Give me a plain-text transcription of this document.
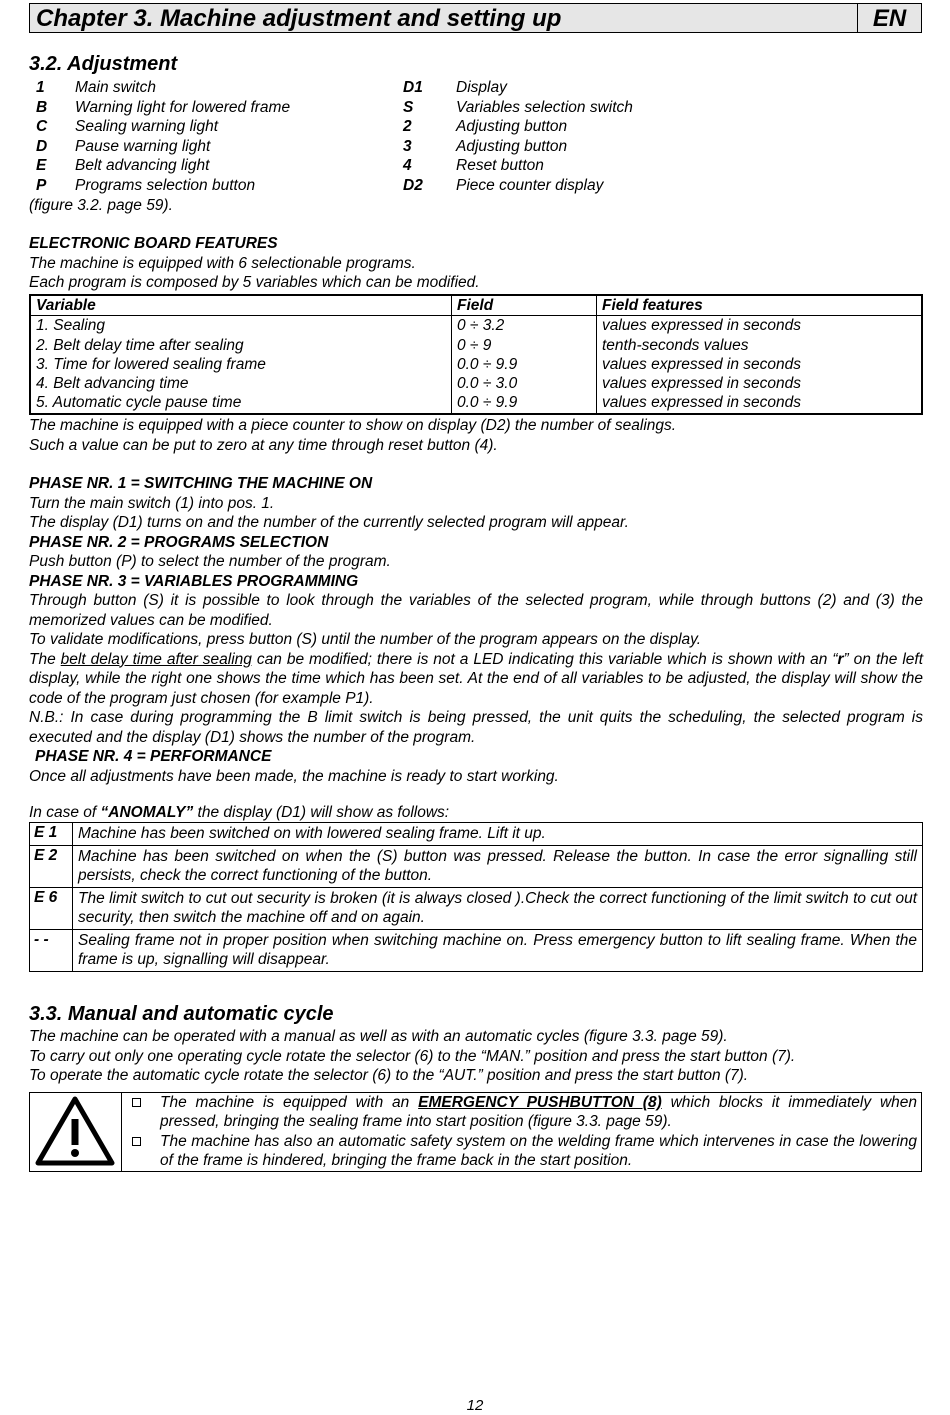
Chapter 3. Machine adjustment and setting up	EN
3.2. Adjustment
1 Main switch	D1 Display
B Warning light for lowered frame	S	Variables selection switch
C Sealing warning light	2	Adjusting button
D Pause warning light	3	Adjusting button
E Belt advancing light	4	Reset button
P Programs selection button	D2 Piece counter display
(figure 3.2. page 59).
ELECTRONIC BOARD FEATURES
The machine is equipped with 6 selectionable programs.
Each program is composed by 5 variables which can be modified.
Variable	Field	Field features
1. Sealing	0 ÷ 3.2	values expressed in seconds
2. Belt delay time after sealing	0 ÷ 9	tenth-seconds values
3. Time for lowered sealing frame	0.0 ÷ 9.9	values expressed in seconds
4. Belt advancing time	0.0 ÷ 3.0	values expressed in seconds
5. Automatic cycle pause time	0.0 ÷ 9.9	values expressed in seconds
The machine is equipped with a piece counter to show on display (D2) the number of sealings.
Such a value can be put to zero at any time through reset button (4).
PHASE NR. 1 = SWITCHING THE MACHINE ON
Turn the main switch (1) into pos. 1.
The display (D1) turns on and the number of the currently selected program will appear.
PHASE NR. 2 = PROGRAMS SELECTION
Push button (P) to select the number of the program.
PHASE NR. 3 = VARIABLES PROGRAMMING
Through button (S) it is possible to look through the variables of the selected program, while through buttons (2) and (3) the memorized values can be modified.
To validate modifications, press button (S) until the number of the program appears on the display.
The belt delay time after sealing can be modified; there is not a LED indicating this variable which is shown with an “r” on the left display, while the right one shows the time which has been set. At the end of all variables to be adjusted, the display will show the code of the program just chosen (for example P1).
N.B.: In case during programming the B limit switch is being pressed, the unit quits the scheduling, the selected program is executed and the display (D1) shows the number of the program.
PHASE NR. 4 = PERFORMANCE
Once all adjustments have been made, the machine is ready to start working.
In case of “ANOMALY” the display (D1) will show as follows:
E 1	Machine has been switched on with lowered sealing frame. Lift it up.
E 2	Machine has been switched on when the (S) button was pressed. Release the button. In case the error signalling still persists, check the correct functioning of the button.
E 6	The limit switch to cut out security is broken (it is always closed ).Check the correct functioning of the limit switch to cut out security, then switch the machine off and on again.
- -	Sealing frame not in proper position when switching machine on. Press emergency button to lift sealing frame. When the frame is up, signalling will disappear.
3.3. Manual and automatic cycle
The machine can be operated with a manual as well as with an automatic cycles (figure 3.3. page 59).
To carry out only one operating cycle rotate the selector (6) to the “MAN.” position and press the start button (7).
To operate the automatic cycle rotate the selector (6) to the “AUT.” position and press the start button (7).
The machine is equipped with an EMERGENCY PUSHBUTTON (8) which blocks it immediately when pressed, bringing the sealing frame into start position (figure 3.3. page 59).
The machine has also an automatic safety system on the welding frame which intervenes in case the lowering of the frame is hindered, bringing the frame back in the start position.
12
